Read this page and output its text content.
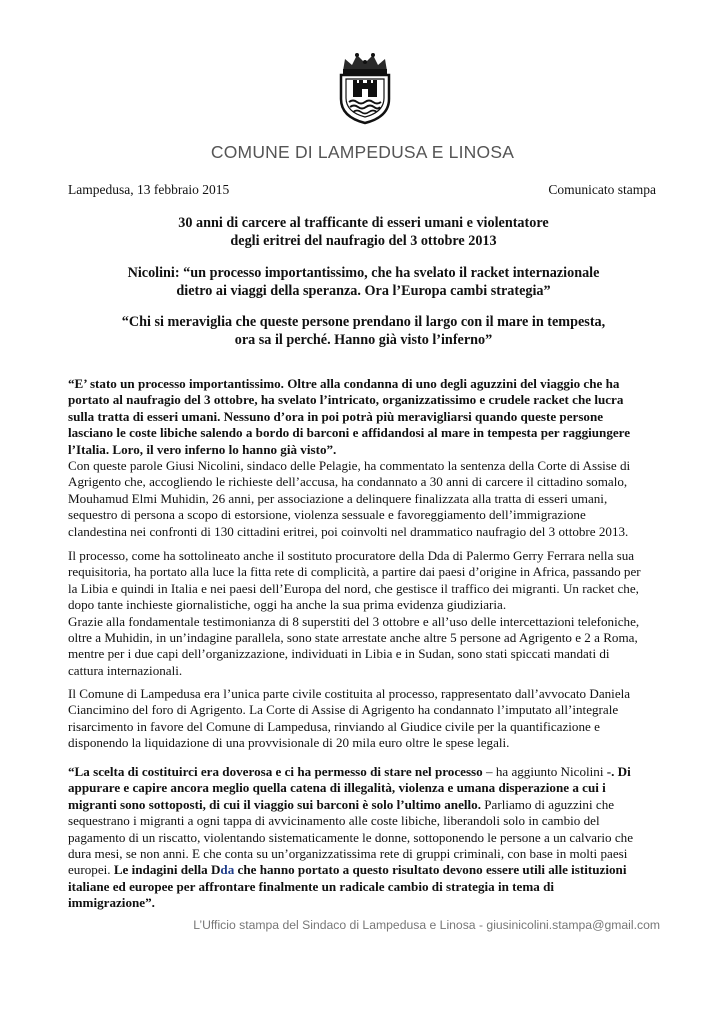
COMUNE DI LAMPEDUSA E LINOSA
Lampedusa, 13 febbraio 2015	Comunicato stampa
30 anni di carcere al trafficante di esseri umani e violentatore
degli eritrei del naufragio del 3 ottobre 2013
Nicolini: “un processo importantissimo, che ha svelato il racket internazionale
dietro ai viaggi della speranza. Ora l’Europa cambi strategia”
“Chi si meraviglia che queste persone prendano il largo con il mare in tempesta,
ora sa il perché. Hanno già visto l’inferno”
“E’ stato un processo importantissimo. Oltre alla condanna di uno degli aguzzini del viaggio che ha
portato al naufragio del 3 ottobre, ha svelato l’intricato, organizzatissimo e crudele racket che lucra
sulla tratta di esseri umani. Nessuno d’ora in poi potrà più meravigliarsi quando queste persone
lasciano le coste libiche salendo a bordo di barconi e affidandosi al mare in tempesta per raggiungere
l’Italia. Loro, il vero inferno lo hanno già visto”.
Con queste parole Giusi Nicolini, sindaco delle Pelagie, ha commentato la sentenza della Corte di Assise di
Agrigento che, accogliendo le richieste dell’accusa, ha condannato a 30 anni di carcere il cittadino somalo,
Mouhamud Elmi Muhidin, 26 anni, per associazione a delinquere finalizzata alla tratta di esseri umani,
sequestro di persona a scopo di estorsione, violenza sessuale e favoreggiamento dell’immigrazione
clandestina nei confronti di 130 cittadini eritrei, poi coinvolti nel drammatico naufragio del 3 ottobre 2013.
Il processo, come ha sottolineato anche il sostituto procuratore della Dda di Palermo Gerry Ferrara nella sua
requisitoria, ha portato alla luce la fitta rete di complicità, a partire dai paesi d’origine in Africa, passando per
la Libia e quindi in Italia e nei paesi dell’Europa del nord, che gestisce il traffico dei migranti. Un racket che,
dopo tante inchieste giornalistiche, oggi ha anche la sua prima evidenza giudiziaria.
Grazie alla fondamentale testimonianza di 8 superstiti del 3 ottobre e all’uso delle intercettazioni telefoniche,
oltre a Muhidin, in un’indagine parallela, sono state arrestate anche altre 5 persone ad Agrigento e 2 a Roma,
mentre per i due capi dell’organizzazione, individuati in Libia e in Sudan, sono stati spiccati mandati di
cattura internazionali.
Il Comune di Lampedusa era l’unica parte civile costituita al processo, rappresentato dall’avvocato Daniela
Ciancimino del foro di Agrigento. La Corte di Assise di Agrigento ha condannato l’imputato all’integrale
risarcimento in favore del Comune di Lampedusa, rinviando al Giudice civile per la quantificazione e
disponendo la liquidazione di una provvisionale di 20 mila euro oltre le spese legali.
“La scelta di costituirci era doverosa e ci ha permesso di stare nel processo – ha aggiunto Nicolini -. Di
appurare e capire ancora meglio quella catena di illegalità, violenza e umana disperazione a cui i
migranti sono sottoposti, di cui il viaggio sui barconi è solo l’ultimo anello. Parliamo di aguzzini che
sequestrano i migranti a ogni tappa di avvicinamento alle coste libiche, liberandoli solo in cambio del
pagamento di un riscatto, violentando sistematicamente le donne, sottoponendo le persone a un calvario che
dura mesi, se non anni. E che conta su un’organizzatissima rete di gruppi criminali, con base in molti paesi
europei. Le indagini della Dda che hanno portato a questo risultato devono essere utili alle istituzioni
italiane ed europee per affrontare finalmente un radicale cambio di strategia in tema di
immigrazione”.
L’Ufficio stampa del Sindaco di Lampedusa e Linosa - giusinicolini.stampa@gmail.com
